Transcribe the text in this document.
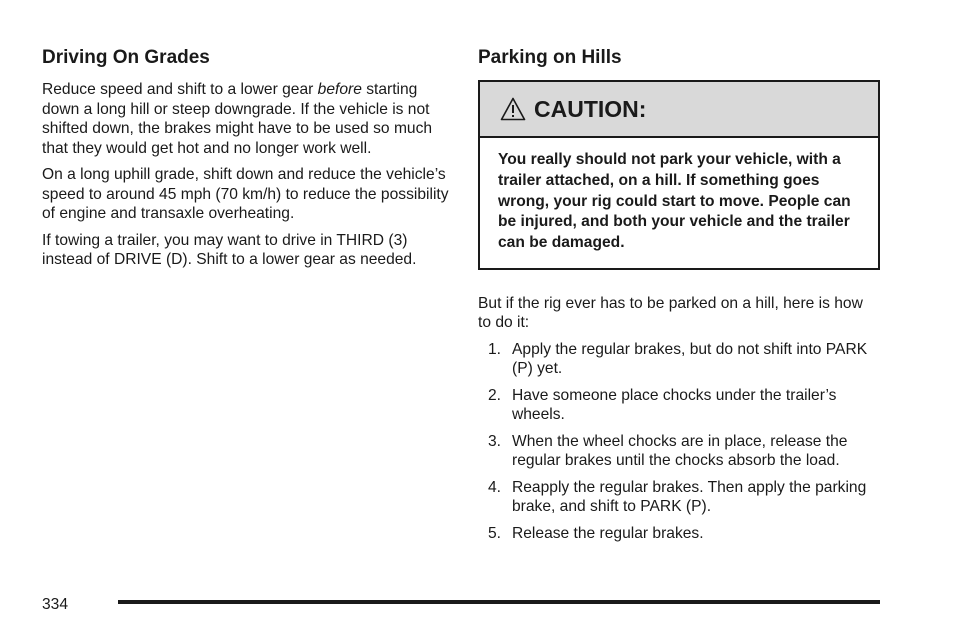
Driving On Grades

Reduce speed and shift to a lower gear before starting down a long hill or steep downgrade. If the vehicle is not shifted down, the brakes might have to be used so much that they would get hot and no longer work well.

On a long uphill grade, shift down and reduce the vehicle’s speed to around 45 mph (70 km/h) to reduce the possibility of engine and transaxle overheating.

If towing a trailer, you may want to drive in THIRD (3) instead of DRIVE (D). Shift to a lower gear as needed.

Parking on Hills
CAUTION:
You really should not park your vehicle, with a trailer attached, on a hill. If something goes wrong, your rig could start to move. People can be injured, and both your vehicle and the trailer can be damaged.

But if the rig ever has to be parked on a hill, here is how to do it:

1. Apply the regular brakes, but do not shift into PARK (P) yet.
2. Have someone place chocks under the trailer’s wheels.
3. When the wheel chocks are in place, release the regular brakes until the chocks absorb the load.
4. Reapply the regular brakes. Then apply the parking brake, and shift to PARK (P).
5. Release the regular brakes.
334
